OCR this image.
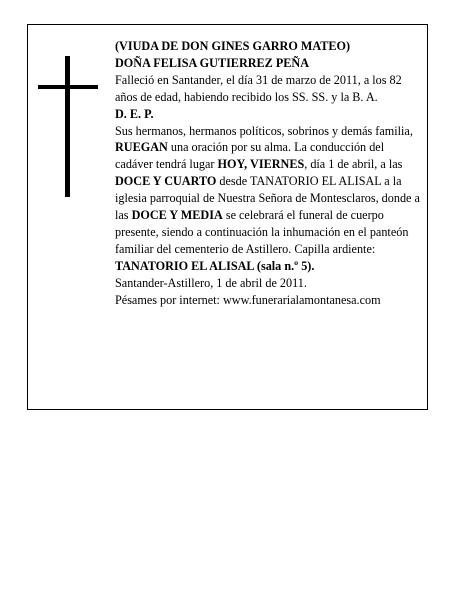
(VIUDA DE DON GINES GARRO MATEO)

DOÑA FELISA GUTIERREZ PEÑA

Falleció en Santander, el día 31 de marzo de 2011, a los 82 años de edad, habiendo recibido los SS. SS. y la B. A.

D. E. P.

Sus hermanos, hermanos políticos, sobrinos y demás familia,

RUEGAN una oración por su alma. La conducción del cadáver tendrá lugar HOY, VIERNES, día 1 de abril, a las DOCE Y CUARTO desde TANATORIO EL ALISAL a la iglesia parroquial de Nuestra Señora de Montesclaros, donde a las DOCE Y MEDIA se celebrará el funeral de cuerpo presente, siendo a continuación la inhumación en el panteón familiar del cementerio de Astillero. Capilla ardiente:

TANATORIO EL ALISAL (sala n.º 5).

Santander-Astillero, 1 de abril de 2011.

Pésames por internet: www.funerarialamontanesa.com
